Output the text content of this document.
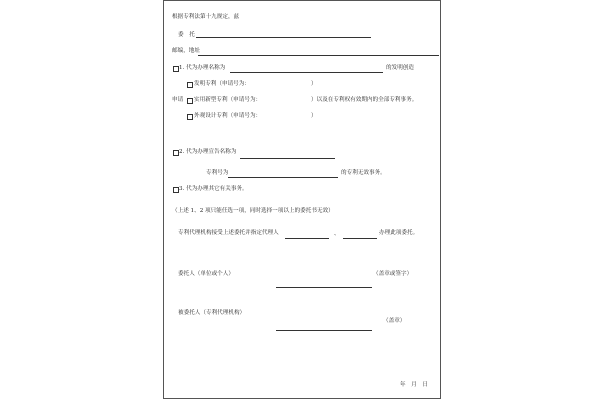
根据专利法第十九规定，兹
委　托
邮编，地址
1. 代为办理名称为	的发明创造
发明专利（申请号为：	）
申请 实用新型专利（申请号为：	）以及在专利权有效期内的全部专利事务。
外观设计专利（申请号为：	）
2. 代为办理宣告名称为
专利号为	的专利无效事务。
3. 代为办理其它有关事务。
（上述 1、2 项只能任选一项，同时选择一项以上的委托书无效）
专利代理机构接受上述委托并指定代理人	、	办理此项委托。
委托人（单位或个人）	（盖章或签字）
被委托人（专利代理机构）
（盖章）
年　月　日
